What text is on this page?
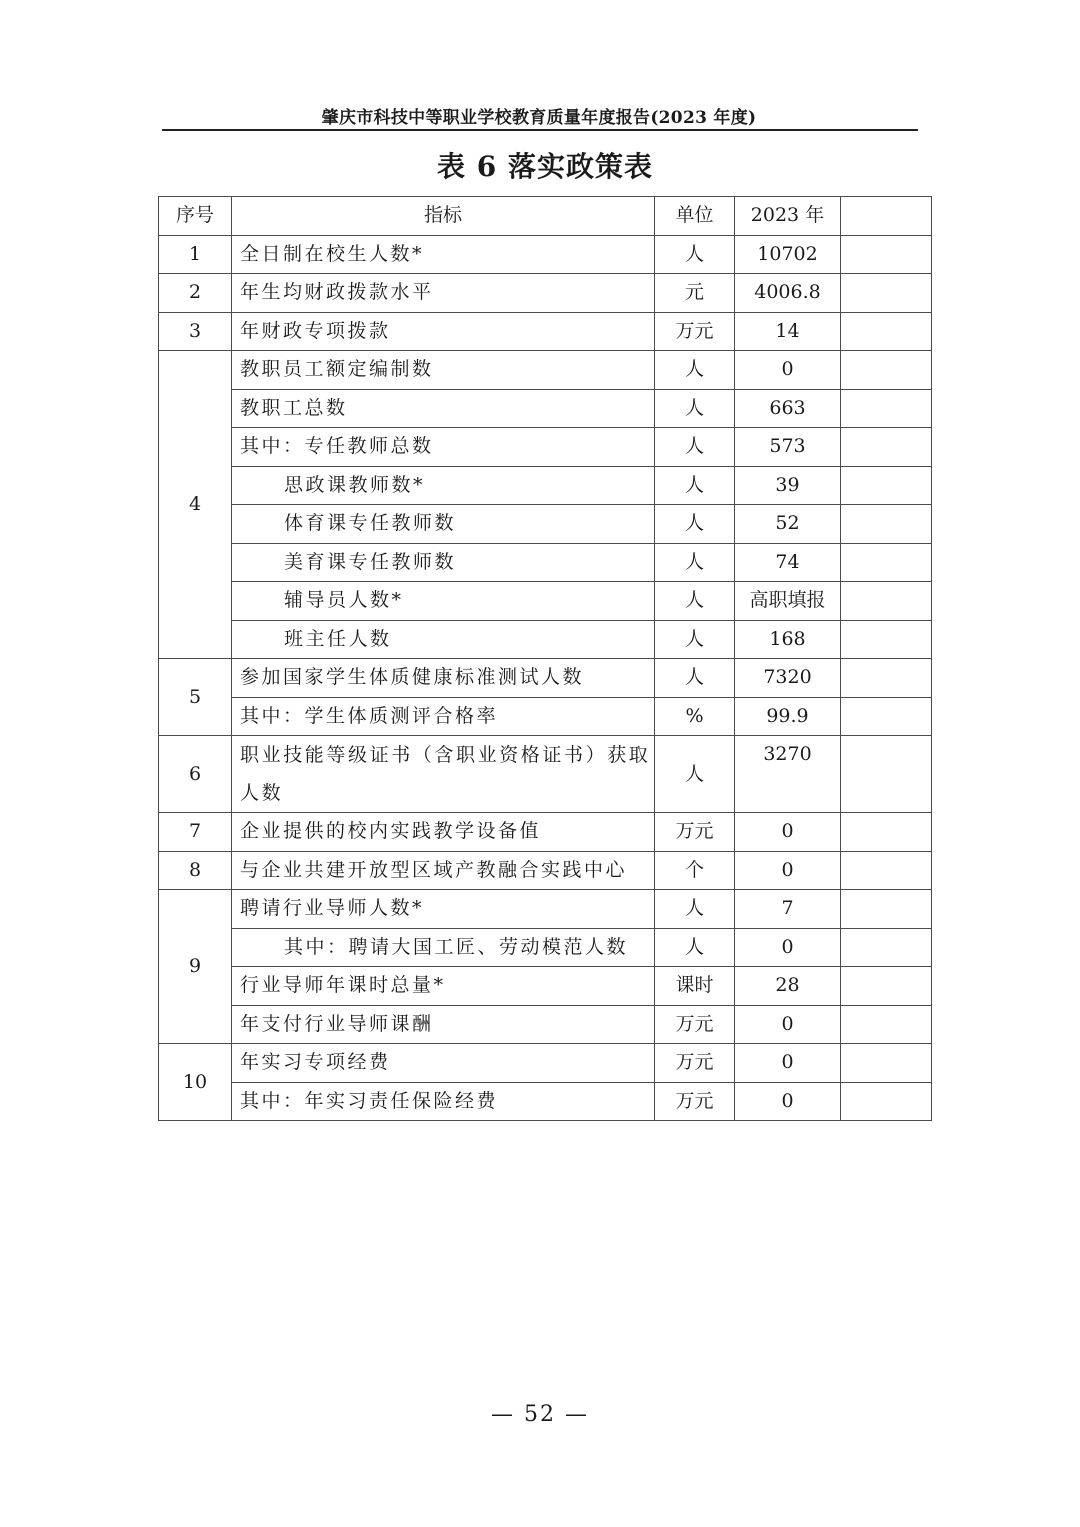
肇庆市科技中等职业学校教育质量年度报告(2023 年度)
表 6 落实政策表
序号	指标	单位	2023 年	
1	全日制在校生人数*	人	10702	
2	年生均财政拨款水平	元	4006.8	
3	年财政专项拨款	万元	14	
4	教职员工额定编制数	人	0	
	教职工总数	人	663	
	其中：专任教师总数	人	573	
	思政课教师数*	人	39	
	体育课专任教师数	人	52	
	美育课专任教师数	人	74	
	辅导员人数*	人	高职填报	
	班主任人数	人	168	
5	参加国家学生体质健康标准测试人数	人	7320	
	其中：学生体质测评合格率	%	99.9	
6	职业技能等级证书（含职业资格证书）获取人数	人	3270	
7	企业提供的校内实践教学设备值	万元	0	
8	与企业共建开放型区域产教融合实践中心	个	0	
9	聘请行业导师人数*	人	7	
	其中：聘请大国工匠、劳动模范人数	人	0	
	行业导师年课时总量*	课时	28	
	年支付行业导师课酬	万元	0	
10	年实习专项经费	万元	0	
	其中：年实习责任保险经费	万元	0	
— 52 —
